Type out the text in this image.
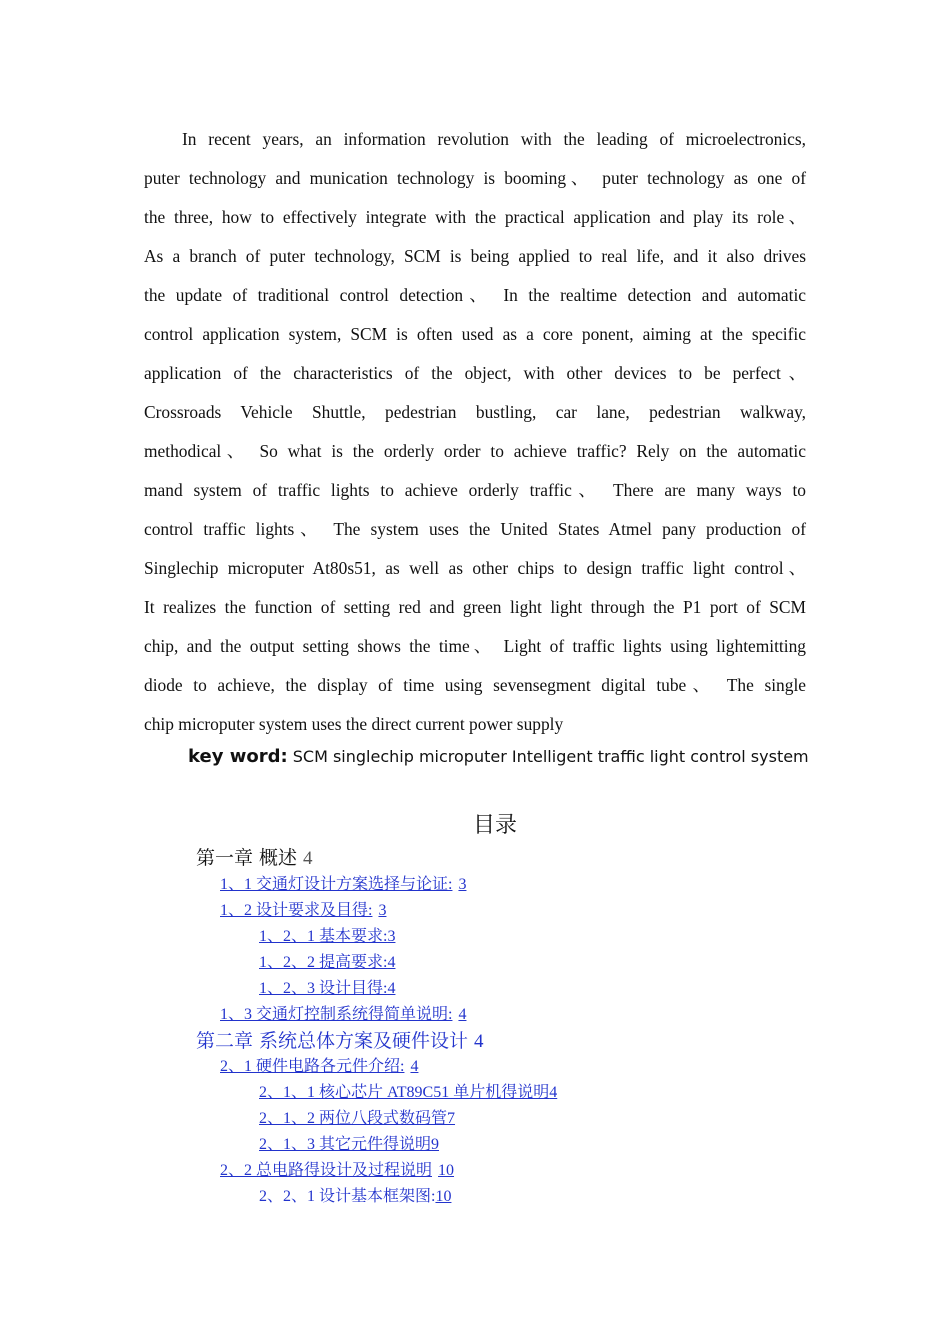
In recent years, an information revolution with the leading of microelectronics,
puter technology and munication technology is booming、 puter technology as one of
the three, how to effectively integrate with the practical application and play its role、
As a branch of puter technology, SCM is being applied to real life, and it also drives
the update of traditional control detection、 In the realtime detection and automatic
control application system, SCM is often used as a core ponent, aiming at the specific
application of the characteristics of the object, with other devices to be perfect、
Crossroads Vehicle Shuttle, pedestrian bustling, car lane, pedestrian walkway,
methodical、 So what is the orderly order to achieve traffic? Rely on the automatic
mand system of traffic lights to achieve orderly traffic、 There are many ways to
control traffic lights、 The system uses the United States Atmel pany production of
Singlechip microputer At80s51, as well as other chips to design traffic light control、
It realizes the function of setting red and green light light through the P1 port of SCM
chip, and the output setting shows the time、 Light of traffic lights using lightemitting
diode to achieve, the display of time using sevensegment digital tube、 The single
chip microputer system uses the direct current power supply
key word: SCM singlechip microputer Intelligent traffic light control system
目录
第一章 概述 4
1、1 交通灯设计方案选择与论证: 3
1、2 设计要求及目得: 3
1、2、1 基本要求: 3
1、2、2 提高要求: 4
1、2、3 设计目得: 4
1、3 交通灯控制系统得简单说明: 4
第二章 系统总体方案及硬件设计 4
2、1 硬件电路各元件介绍: 4
2、1、1 核心芯片 AT89C51 单片机得说明 4
2、1、2 两位八段式数码管 7
2、1、3 其它元件得说明 9
2、2 总电路得设计及过程说明 10
2、2、1 设计基本框架图: 10
